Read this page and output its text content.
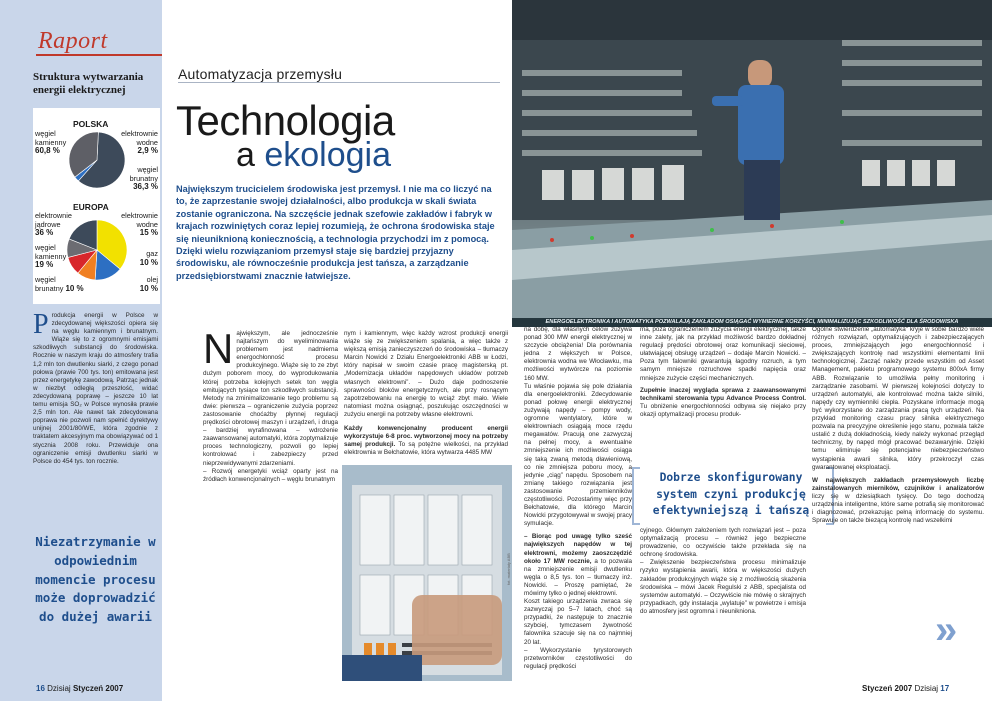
Raport
Struktura wytwarzania energii elektrycznej
POLSKA
węgiel kamienny
60,8 %
elektrownie wodne
2,9 %
węgiel brunatny
36,3 %
EUROPA
elektrownie jądrowe
36 %
elektrownie wodne
15 %
węgiel kamienny
19 %
gaz
10 %
węgiel brunatny 10 %
olej
10 %

Produkcja energii w Polsce w zdecydowanej większości opiera się na węglu kamiennym i brunatnym. Wiąże się to z ogromnymi emisjami szkodliwych substancji do środowiska. Rocznie w naszym kraju do atmosfery trafia 1,2 mln ton dwutlenku siarki, z czego ponad połowa (prawie 700 tys. ton) emitowana jest przez energetykę zawodową. Patrząc jednak w niezbyt odległą przeszłość, widać zdecydowaną poprawę – jeszcze 10 lat temu emisja SO₂ w Polsce wynosiła prawie 2,5 mln ton. Ale nawet tak zdecydowana poprawa nie pozwoli nam spełnić dyrektywy unijnej 2001/80/WE, która zgodnie z traktatem akcesyjnym ma obowiązywać od 1 stycznia 2008 roku. Przewiduje ona ograniczenie emisji dwutlenku siarki w Polsce do 454 tys. ton rocznie.

Niezatrzymanie w odpowiednim momencie procesu może doprowadzić do dużej awarii
16 Dzisiaj Styczeń 2007
Automatyzacja przemysłu
Technologia
a ekologia
Największym trucicielem środowiska jest przemysł. I nie ma co liczyć na to, że zaprzestanie swojej działalności, albo produkcja w skali świata zostanie ograniczona. Na szczęście jednak szefowie zakładów i fabryk w krajach rozwiniętych coraz lepiej rozumieją, że ochrona środowiska staje się nieuniknioną koniecznością, a technologia przychodzi im z pomocą. Dzięki wielu rozwiązaniom przemysł staje się bardziej przyjazny środowisku, ale równocześnie produkcja jest tańsza, a zarządzanie przedsiębiorstwami znacznie łatwiejsze.
ENERGOELEKTRONIKA I AUTOMATYKA POZWALAJĄ ZAKŁADOM OSIĄGAĆ WYMIERNE KORZYŚCI, MINIMALIZUJĄC SZKODLIWOŚĆ DLA ŚRODOWISKA
fot. materiały ABB

Największym, ale jednocześnie najtańszym do wyeliminowania problemem jest nadmierna energochłonność procesu produkcyjnego. Wiąże się to ze zbyt dużym poborem mocy, do wyprodukowania której potrzeba kolejnych setek ton węgla emitujących tysiące ton szkodliwych substancji. Metody na zminimalizowanie tego problemu są dwie: pierwsza – ograniczenie zużycia poprzez zastosowanie choćażby płynnej regulacji prędkości obrotowej maszyn i urządzeń, i druga – bardziej wyrafinowana – wdrożenie zaawansowanej automatyki, która zoptymalizuje proces technologiczny, pozwoli go lepiej kontrolować i zabezpieczy przed nieprzewidywanymi zdarzeniami.
– Rozwój energetyki wciąż oparty jest na źródłach konwencjonalnych – węglu brunatnym

nym i kamiennym, więc każdy wzrost produkcji energii wiąże się ze zwiększeniem spalania, a więc także z większą emisją zanieczyszczeń do środowiska – tłumaczy Marcin Nowicki z Działu Energoelektroniki ABB w Łodzi, który napisał w swoim czasie pracę magisterską pt. „Modernizacja układów napędowych układów potrzeb własnych elektrowni”. – Dużo daje podnoszenie sprawności bloków energetycznych, ale przy rosnącym zapotrzebowaniu na energię to wciąż zbyt mało. Wiele natomiast można osiągnąć, poszukując oszczędności w zużyciu energii na potrzeby własne elektrowni.

Każdy konwencjonalny producent energii wykorzystuje 6-8 proc. wytworzonej mocy na potrzeby samej produkcji. To są potężne wielkości, na przykład elektrownia w Bełchatowie, która wytwarza 4485 MW

na dobę, dla własnych celów zużywa ponad 300 MW energii elektrycznej w szczycie obciążenia! Dla porównania jedna z większych w Polsce, elektrownia wodna we Włocławku, ma możliwości wytwórcze na poziomie 160 MW.
Tu właśnie pojawia się pole działania dla energoelektroniki. Zdecydowanie ponad połowę energii elektrycznej zużywają napędy – pompy wody, ogromne wentylatory, które w elektrowniach osiągają moce rzędu megawatów. Pracują one zazwyczaj na pełnej mocy, a ewentualne zmniejszenie ich możliwości osiąga się taką zwaną metodą dławieniową, co nie zmniejsza poboru mocy, a jedynie „ciąg” napędu. Sposobem na zmianę takiego rozwiązania jest zastosowanie przemienników częstotliwości. Pozostańmy więc przy Bełchatowie, dla którego Marcin Nowicki przygotowywał w swojej pracy symulacje.

– Biorąc pod uwagę tylko sześć największych napędów w tej elektrowni, możemy zaoszczędzić około 17 MW rocznie, a to pozwala na zmniejszenie emisji dwutlenku węgla o 8,5 tys. ton – tłumaczy inż. Nowicki. – Proszę pamiętać, że mówimy tylko o jednej elektrowni.
Koszt takiego urządzenia zwraca się zazwyczaj po 5–7 latach, choć są przypadki, że następuje to znacznie szybciej, tymczasem żywotność falownika szacuje się na co najmniej 20 lat.
– Wykorzystanie tyrystorowych przetworników częstotliwości do regulacji prędkości

ma, poza ograniczeniem zużycia energii elektrycznej, także inne zalety, jak na przykład możliwość bardzo dokładnej regulacji prędości obrotowej oraz komunikacji sieciowej, ułatwiającej obsługę urządzeń – dodaje Marcin Nowicki. – Poza tym falowniki gwarantują łagodny rozruch, a tym samym mniejsze rozruchowe spadki napięcia oraz mniejsze zużycie części mechanicznych.

Zupełnie inaczej wygląda sprawa z zaawansowanymi technikami sterowania typu Advance Process Control. Tu obniżenie energochłonności odbywa się niejako przy okazji optymalizacji procesu produk-

Dobrze skonfigurowany system czyni produkcję efektywniejszą i tańszą

cyjnego. Głównym założeniem tych rozwiązań jest – poza optymalizacją procesu – również jego bezpieczne prowadzenie, co oczywiście także przekłada się na ochronę środowiska.
– Zwiększenie bezpieczeństwa procesu minimalizuje ryzyko wystąpienia awarii, która w większości dużych zakładów produkcyjnych wiąże się z możliwością skażenia środowiska – mówi Jacek Regulski z ABB, specjalista od systemów automatyki. – Oczywiście nie mówię o skrajnych przypadkach, gdy instalacja „wylatuje” w powietrze i emisja do atmosfery jest ogromna i nieunikniona.

Ogólne stwierdzenie „automatyka” kryje w sobie bardzo wiele różnych rozwiązań, optymalizujących i zabezpieczających proces, zmniejszających jego energochłonność i zwiększających kontrolę nad wszystkimi elementami linii technologicznej. Zacząć należy przede wszystkim od Asset Management, pakietu programowego systemu 800xA firmy ABB. Rozwiązanie to umożliwia pełny monitoring i zarządzanie zasobami. W pierwszej kolejności dotyczy to urządzeń automatyki, ale kontrolować można także silniki, napędy czy wymienniki ciepła. Pozyskane informacje mogą być wykorzystane do zarządzania pracą tych urządzeń. Na przykład monitoring czasu pracy silnika elektrycznego pozwala na precyzyjne określenie jego stanu, pozwala także ustalić z dużą dokładnością, kiedy należy wykonać przegląd techniczny, by napęd mógł pracować bezawaryjnie. Dzięki temu eliminuje się potencjalne niebezpieczeństwo wystąpienia awarii silnika, który przekroczył czas gwarantowanej eksploatacji.

W największych zakładach przemysłowych liczbę zainstalowanych mierników, czujników i analizatorów liczy się w dziesiątkach tysięcy. Do tego dochodzą urządzenia inteligentne, które same potrafią się monitorować i diagnozować, przekazując pełną informację do systemu. Sprawuje on także biezącą kontrolę nad wszelkimi

»
Styczeń 2007 Dzisiaj 17
